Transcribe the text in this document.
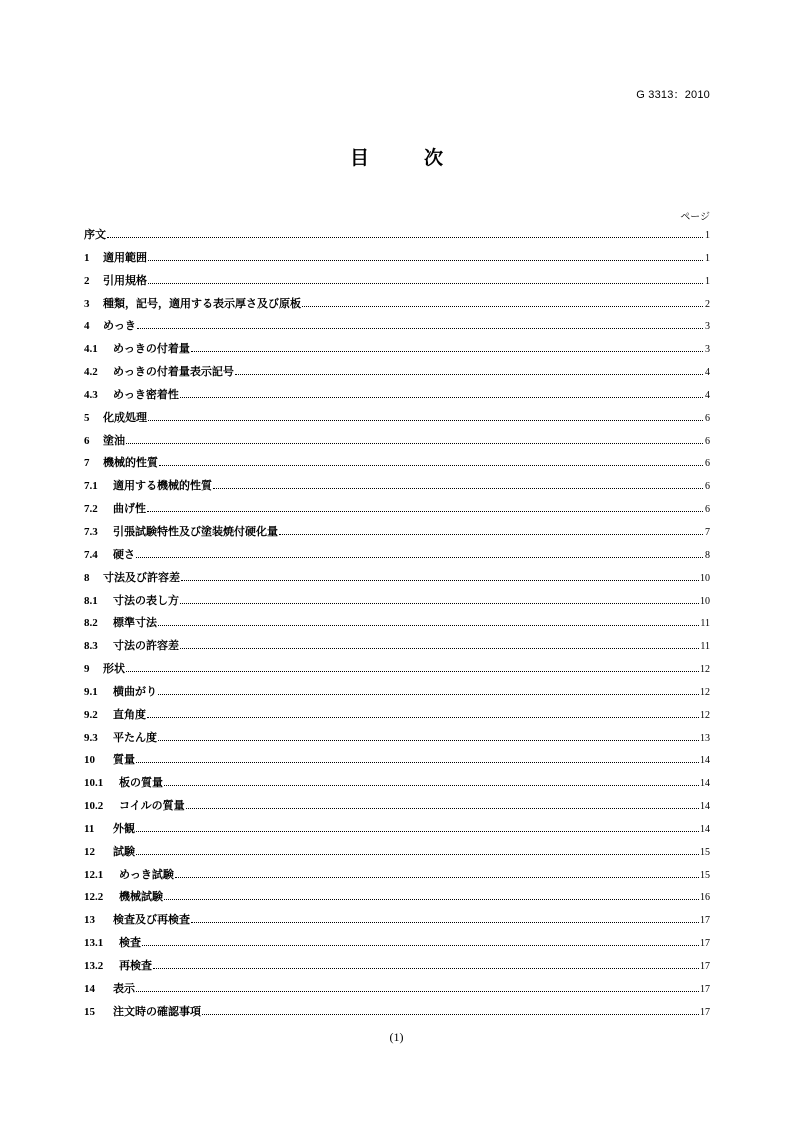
G 3313：2010
目　次
ページ
序文	1
1	適用範囲	1
2	引用規格	1
3	種類，記号，適用する表示厚さ及び原板	2
4	めっき	3
4.1	めっきの付着量	3
4.2	めっきの付着量表示記号	4
4.3	めっき密着性	4
5	化成処理	6
6	塗油	6
7	機械的性質	6
7.1	適用する機械的性質	6
7.2	曲げ性	6
7.3	引張試験特性及び塗装焼付硬化量	7
7.4	硬さ	8
8	寸法及び許容差	10
8.1	寸法の表し方	10
8.2	標準寸法	11
8.3	寸法の許容差	11
9	形状	12
9.1	横曲がり	12
9.2	直角度	12
9.3	平たん度	13
10	質量	14
10.1	板の質量	14
10.2	コイルの質量	14
11	外観	14
12	試験	15
12.1	めっき試験	15
12.2	機械試験	16
13	検査及び再検査	17
13.1	検査	17
13.2	再検査	17
14	表示	17
15	注文時の確認事項	17
(1)
